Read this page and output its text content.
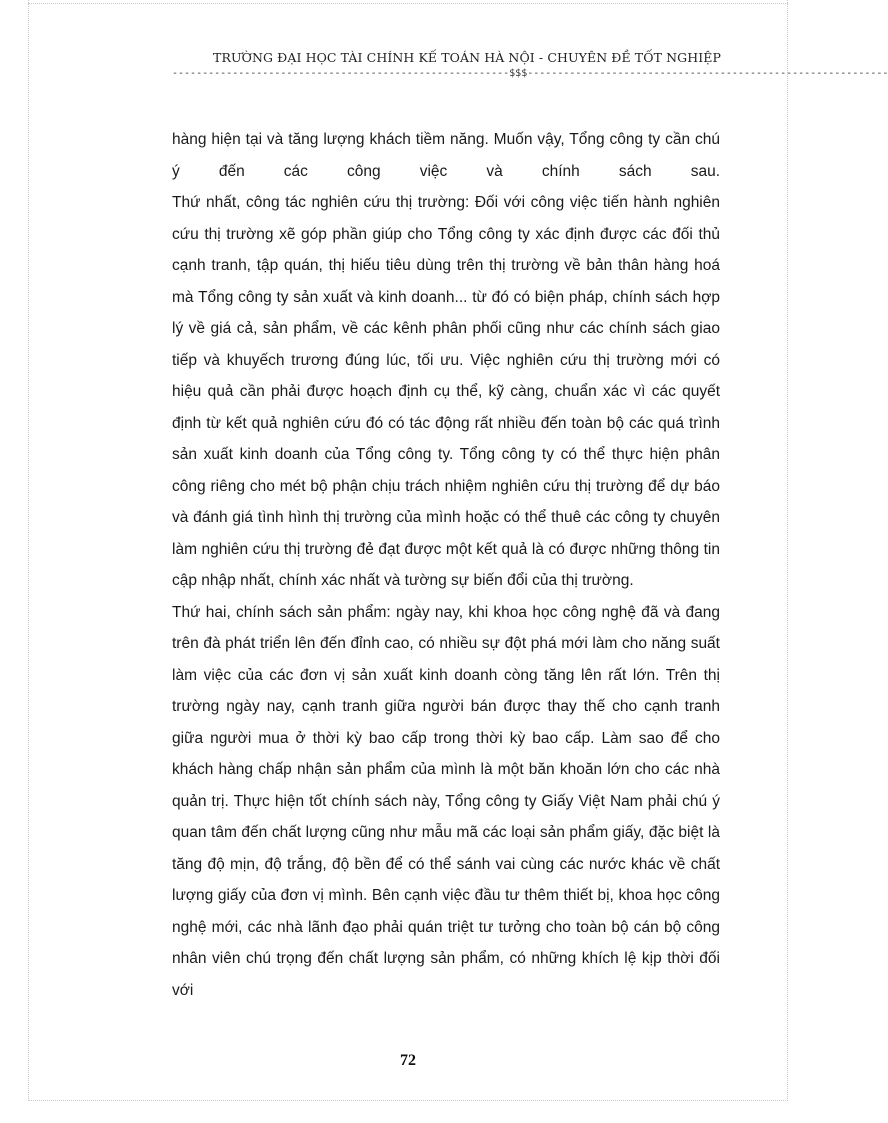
TRƯỜNG ĐẠI HỌC TÀI CHÍNH KẾ TOÁN HÀ NỘI - CHUYÊN ĐỀ TỐT NGHIỆP
--------------------------------------------------------$$$------------------------------------------------------------

hàng hiện tại và tăng lượng khách tiềm năng. Muốn vậy, Tổng công ty cần chú

ý đến các công việc và chính sách sau.

Thứ nhất, công tác nghiên cứu thị trường: Đối với công việc tiến hành nghiên cứu thị trường xẽ góp phần giúp cho Tổng công ty xác định được các đối thủ cạnh tranh, tập quán, thị hiếu tiêu dùng trên thị trường về bản thân hàng hoá mà Tổng công ty sản xuất và kinh doanh... từ đó có biện pháp, chính sách hợp lý về giá cả, sản phẩm, về các kênh phân phối cũng như các chính sách giao tiếp và khuyếch trương đúng lúc, tối ưu. Việc nghiên cứu thị trường mới có hiệu quả cần phải được hoạch định cụ thể, kỹ càng, chuẩn xác vì các quyết định từ kết quả nghiên cứu đó có tác động rất nhiều đến toàn bộ các quá trình sản xuất kinh doanh của Tổng công ty. Tổng công ty có thể thực hiện phân công riêng cho mét bộ phận chịu trách nhiệm nghiên cứu thị trường để dự báo và đánh giá tình hình thị trường của mình hoặc có thể thuê các công ty chuyên làm nghiên cứu thị trường đẻ đạt được một kết quả là có được những thông tin cập nhập nhất, chính xác nhất và tường sự biến đổi của thị trường.

Thứ hai, chính sách sản phẩm: ngày nay, khi khoa học công nghệ đã và đang trên đà phát triển lên đến đỉnh cao, có nhiều sự đột phá mới làm cho năng suất làm việc của các đơn vị sản xuất kinh doanh còng tăng lên rất lớn. Trên thị trường ngày nay, cạnh tranh giữa người bán được thay thế cho cạnh tranh giữa người mua ở thời kỳ bao cấp trong thời kỳ bao cấp. Làm sao để cho khách hàng chấp nhận sản phẩm của mình là một băn khoăn lớn cho các nhà quản trị. Thực hiện tốt chính sách này, Tổng công ty Giấy Việt Nam phải chú ý quan tâm đến chất lượng cũng như mẫu mã các loại sản phẩm giấy, đặc biệt là tăng độ mịn, độ trắng, độ bền để có thể sánh vai cùng các nước khác về chất lượng giấy của đơn vị mình. Bên cạnh việc đầu tư thêm thiết bị, khoa học công nghệ mới, các nhà lãnh đạo phải quán triệt tư tưởng cho toàn bộ cán bộ công nhân viên chú trọng đến chất lượng sản phẩm, có những khích lệ kịp thời đối với

72
